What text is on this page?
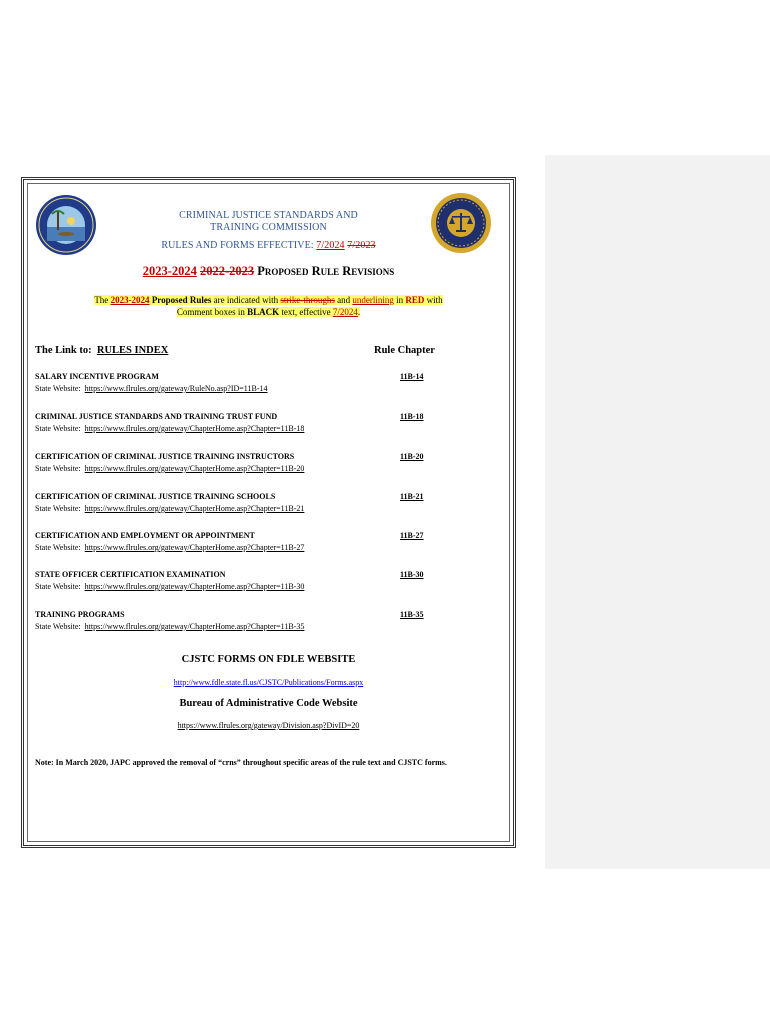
CRIMINAL JUSTICE STANDARDS AND
TRAINING COMMISSION
RULES AND FORMS EFFECTIVE: 7/2024 7/2023
2023-2024 2022-2023 Proposed Rule Revisions
The 2023-2024 Proposed Rules are indicated with strike-throughs and underlining in RED with
Comment boxes in BLACK text, effective 7/2024.
The Link to: RULES INDEX	Rule Chapter
SALARY INCENTIVE PROGRAM	11B-14
State Website: https://www.flrules.org/gateway/RuleNo.asp?ID=11B-14
CRIMINAL JUSTICE STANDARDS AND TRAINING TRUST FUND	11B-18
State Website: https://www.flrules.org/gateway/ChapterHome.asp?Chapter=11B-18
CERTIFICATION OF CRIMINAL JUSTICE TRAINING INSTRUCTORS	11B-20
State Website: https://www.flrules.org/gateway/ChapterHome.asp?Chapter=11B-20
CERTIFICATION OF CRIMINAL JUSTICE TRAINING SCHOOLS	11B-21
State Website: https://www.flrules.org/gateway/ChapterHome.asp?Chapter=11B-21
CERTIFICATION AND EMPLOYMENT OR APPOINTMENT	11B-27
State Website: https://www.flrules.org/gateway/ChapterHome.asp?Chapter=11B-27
STATE OFFICER CERTIFICATION EXAMINATION	11B-30
State Website: https://www.flrules.org/gateway/ChapterHome.asp?Chapter=11B-30
TRAINING PROGRAMS	11B-35
State Website: https://www.flrules.org/gateway/ChapterHome.asp?Chapter=11B-35
CJSTC FORMS ON FDLE WEBSITE
http://www.fdle.state.fl.us/CJSTC/Publications/Forms.aspx
Bureau of Administrative Code Website
https://www.flrules.org/gateway/Division.asp?DivID=20
Note: In March 2020, JAPC approved the removal of “crns” throughout specific areas of the rule text and CJSTC forms.
